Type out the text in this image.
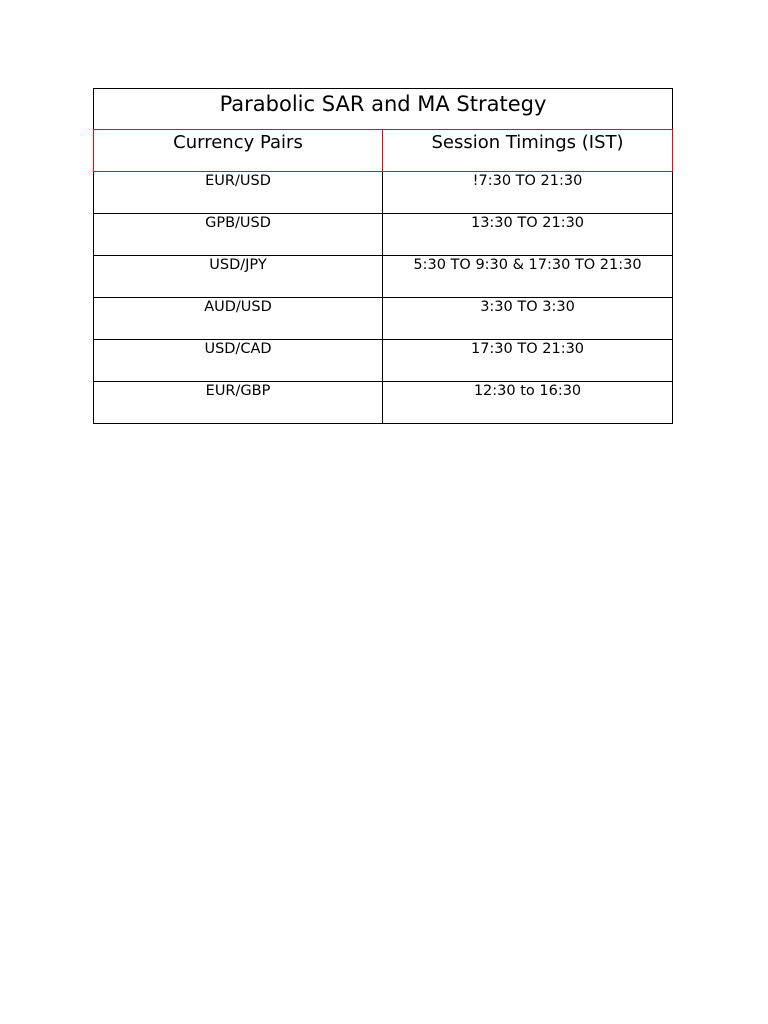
Parabolic SAR and MA Strategy
Currency Pairs	Session Timings (IST)
EUR/USD	!7:30 TO 21:30
GPB/USD	13:30 TO 21:30
USD/JPY	5:30 TO 9:30 & 17:30 TO 21:30
AUD/USD	3:30 TO 3:30
USD/CAD	17:30 TO 21:30
EUR/GBP	12:30 to 16:30
